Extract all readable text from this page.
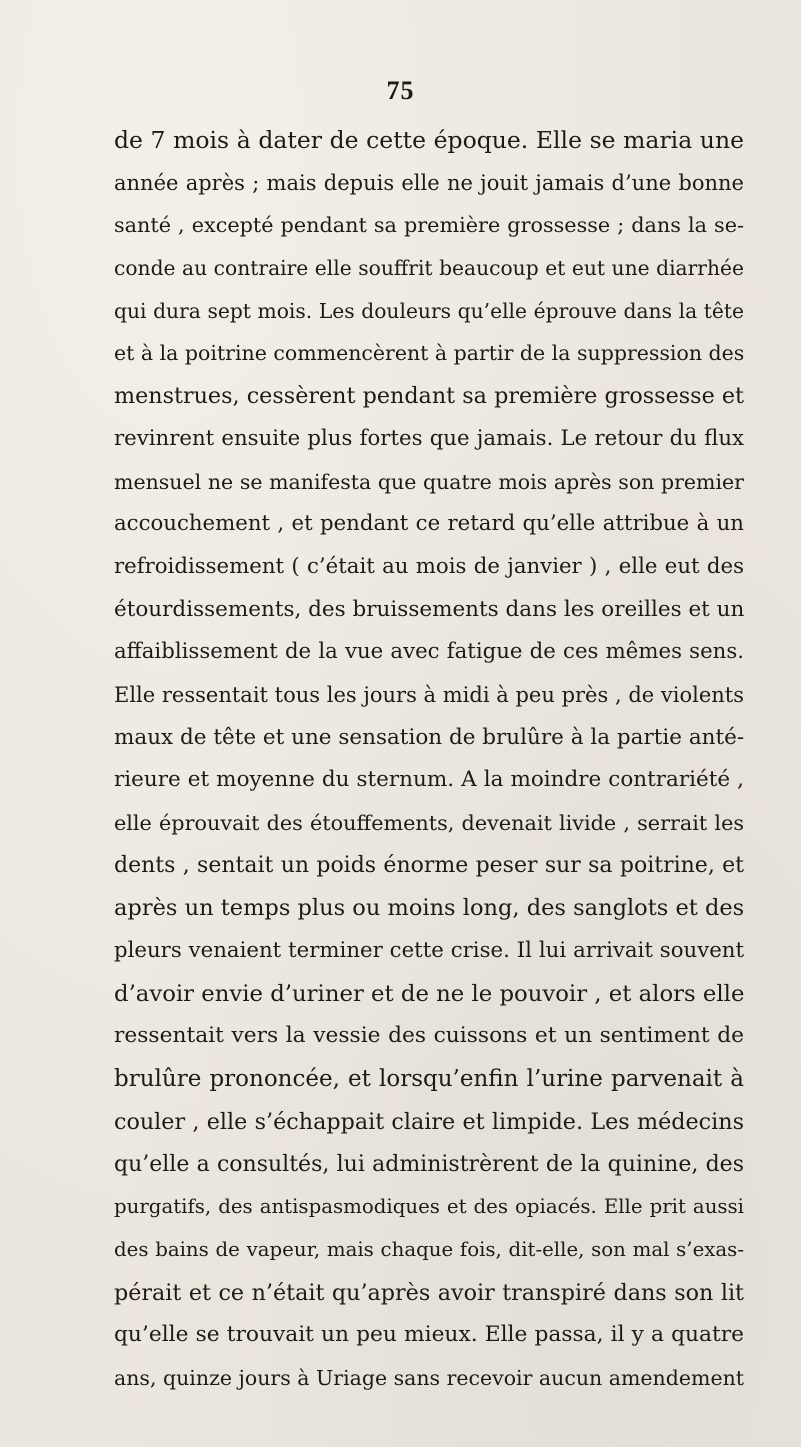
75
de 7 mois à dater de cette époque. Elle se maria une
année après ; mais depuis elle ne jouit jamais d’une bonne
santé , excepté pendant sa première grossesse ; dans la se-
conde au contraire elle souffrit beaucoup et eut une diarrhée
qui dura sept mois. Les douleurs qu’elle éprouve dans la tête
et à la poitrine commencèrent à partir de la suppression des
menstrues, cessèrent pendant sa première grossesse et
revinrent ensuite plus fortes que jamais. Le retour du flux
mensuel ne se manifesta que quatre mois après son premier
accouchement , et pendant ce retard qu’elle attribue à un
refroidissement ( c’était au mois de janvier ) , elle eut des
étourdissements, des bruissements dans les oreilles et un
affaiblissement de la vue avec fatigue de ces mêmes sens.
Elle ressentait tous les jours à midi à peu près , de violents
maux de tête et une sensation de brulûre à la partie anté-
rieure et moyenne du sternum. A la moindre contrariété ,
elle éprouvait des étouffements, devenait livide , serrait les
dents , sentait un poids énorme peser sur sa poitrine, et
après un temps plus ou moins long, des sanglots et des
pleurs venaient terminer cette crise. Il lui arrivait souvent
d’avoir envie d’uriner et de ne le pouvoir , et alors elle
ressentait vers la vessie des cuissons et un sentiment de
brulûre prononcée, et lorsqu’enfin l’urine parvenait à
couler , elle s’échappait claire et limpide. Les médecins
qu’elle a consultés, lui administrèrent de la quinine, des
purgatifs, des antispasmodiques et des opiacés. Elle prit aussi
des bains de vapeur, mais chaque fois, dit-elle, son mal s’exas-
pérait et ce n’était qu’après avoir transpiré dans son lit
qu’elle se trouvait un peu mieux. Elle passa, il y a quatre
ans, quinze jours à Uriage sans recevoir aucun amendement
